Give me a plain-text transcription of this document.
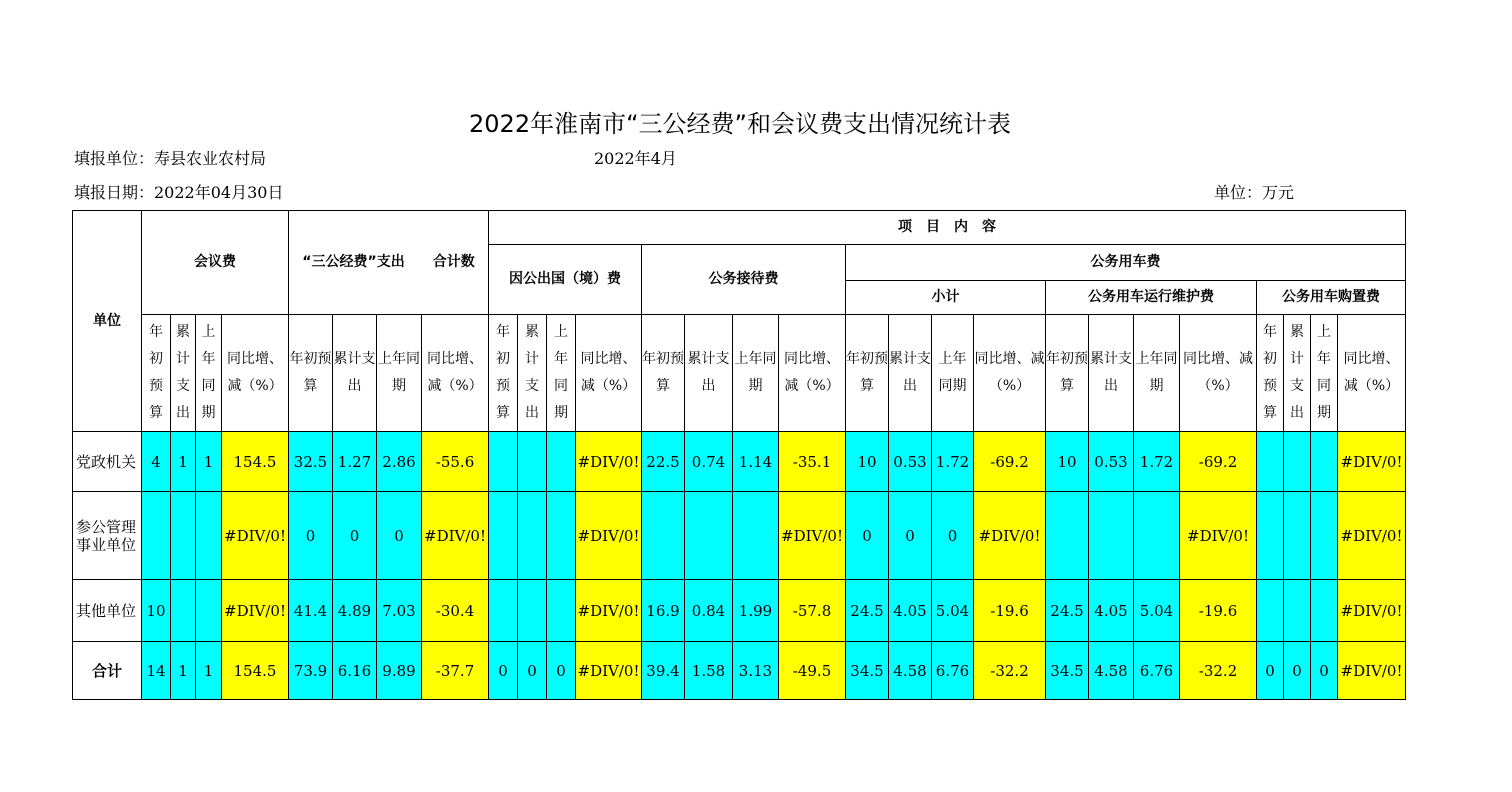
2022年淮南市“三公经费”和会议费支出情况统计表
填报单位：寿县农业农村局	2022年4月
填报日期：2022年04月30日	单位：万元
单位	会议费				“三公经费”支出　　合计数				项　目　内　容																			
									因公出国（境）费				公务接待费				公务用车费											
																	小计				公务用车运行维护费				公务用车购置费			
	年初预算	累计支出	上年同期	同比增、减（%）	年初预算	累计支出	上年同期	同比增、减（%）	年初预算	累计支出	上年同期	同比增、减（%）	年初预算	累计支出	上年同期	同比增、减（%）	年初预算	累计支出	上年同期	同比增、减（%）	年初预算	累计支出	上年同期	同比增、减（%）	年初预算	累计支出	上年同期	同比增、减（%）
党政机关	4	1	1	154.5	32.5	1.27	2.86	-55.6				#DIV/0!	22.5	0.74	1.14	-35.1	10	0.53	1.72	-69.2	10	0.53	1.72	-69.2				#DIV/0!
参公管理事业单位				#DIV/0!	0	0	0	#DIV/0!				#DIV/0!				#DIV/0!	0	0	0	#DIV/0!				#DIV/0!				#DIV/0!
其他单位	10			#DIV/0!	41.4	4.89	7.03	-30.4				#DIV/0!	16.9	0.84	1.99	-57.8	24.5	4.05	5.04	-19.6	24.5	4.05	5.04	-19.6				#DIV/0!
合计	14	1	1	154.5	73.9	6.16	9.89	-37.7	0	0	0	#DIV/0!	39.4	1.58	3.13	-49.5	34.5	4.58	6.76	-32.2	34.5	4.58	6.76	-32.2	0	0	0	#DIV/0!
